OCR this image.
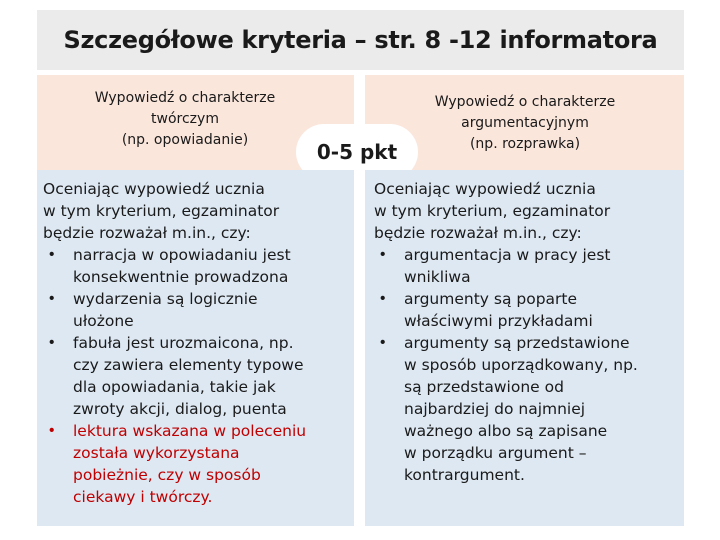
Szczegółowe kryteria – str. 8 -12 informatora
Wypowiedź o charakterze
twórczym
(np. opowiadanie)
Wypowiedź o charakterze
argumentacyjnym
(np. rozprawka)
0-5 pkt
Oceniając wypowiedź ucznia
w tym kryterium, egzaminator
będzie rozważał m.in., czy:
• narracja w opowiadaniu jest
konsekwentnie prowadzona
• wydarzenia są logicznie
ułożone
• fabuła jest urozmaicona, np.
czy zawiera elementy typowe
dla opowiadania, takie jak
zwroty akcji, dialog, puenta
• lektura wskazana w poleceniu
została wykorzystana
pobieżnie, czy w sposób
ciekawy i twórczy.
Oceniając wypowiedź ucznia
w tym kryterium, egzaminator
będzie rozważał m.in., czy:
• argumentacja w pracy jest
wnikliwa
• argumenty są poparte
właściwymi przykładami
• argumenty są przedstawione
w sposób uporządkowany, np.
są przedstawione od
najbardziej do najmniej
ważnego albo są zapisane
w porządku argument –
kontrargument.
